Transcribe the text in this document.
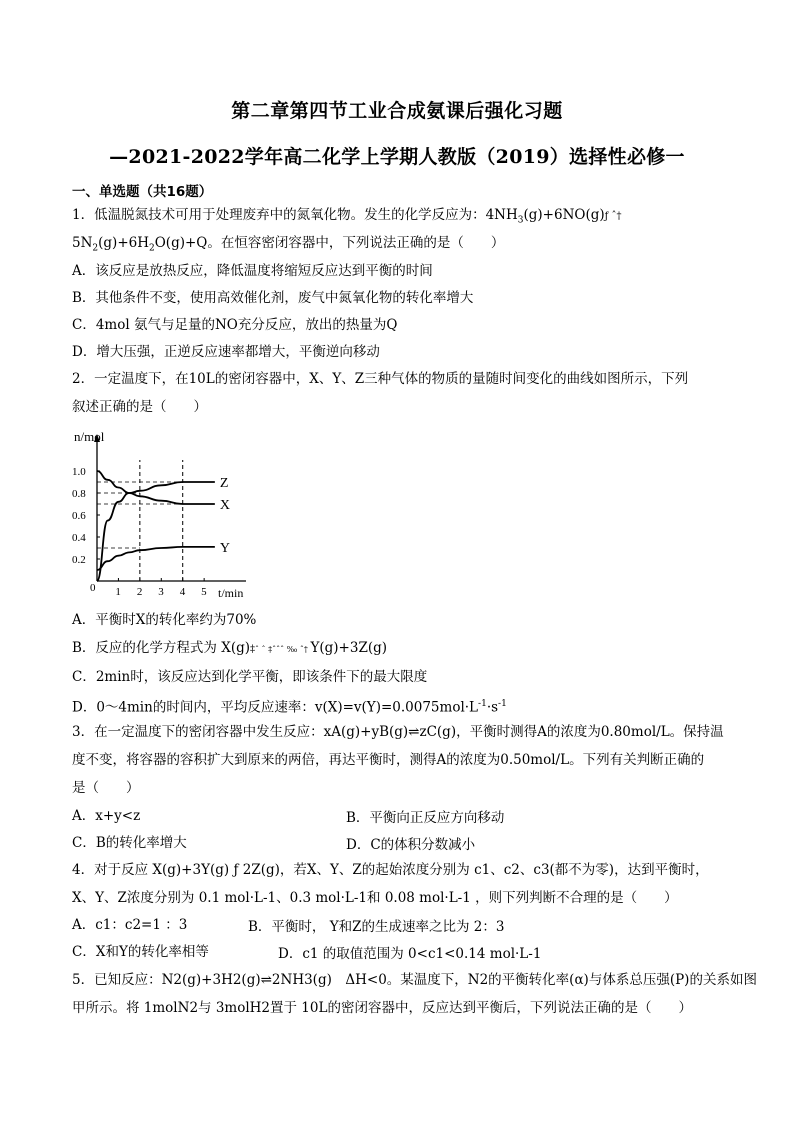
第二章第四节工业合成氨课后强化习题
—2021-2022学年高二化学上学期人教版（2019）选择性必修一
一、单选题（共16题）
1．低温脱氮技术可用于处理废弃中的氮氧化物。发生的化学反应为：$4NH_3(g)+6NO(g)ƒ$ ˆ†
$5N_2(g)+6H_2O(g)+Q$。在恒容密闭容器中，下列说法正确的是（　　）
A．该反应是放热反应，降低温度将缩短反应达到平衡的时间
B．其他条件不变，使用高效催化剂，废气中氮氧化物的转化率增大
C．4mol 氨气与足量的NO充分反应，放出的热量为Q
D．增大压强，正逆反应速率都增大，平衡逆向移动
2．一定温度下，在10L的密闭容器中，X、Y、Z三种气体的物质的量随时间变化的曲线如图所示，下列
叙述正确的是（　　）
n/mol
t/min
0
1.0
0.8
0.6
0.4
0.2
1 2 3 4 5
Z
X
Y
A．平衡时X的转化率约为70%
B．反应的化学方程式为 X(g)‡ˆ ˆ ‡ˆˆˆ ‰ ˆ† Y(g)+3Z(g)
C．2min时，该反应达到化学平衡，即该条件下的最大限度
D．0～4min的时间内，平均反应速率：$v(X)=v(Y)=0.0075mol\cdot L^{-1}\cdot s^{-1}$
3．在一定温度下的密闭容器中发生反应：xA(g)+yB(g)⇌zC(g)，平衡时测得A的浓度为0.80mol/L。保持温
度不变，将容器的容积扩大到原来的两倍，再达平衡时，测得A的浓度为0.50mol/L。下列有关判断正确的
是（　　）
A．x+y<z	B．平衡向正反应方向移动
C．B的转化率增大	D．C的体积分数减小
4．对于反应 X(g)+3Y(g) ƒ 2Z(g)，若X、Y、Z的起始浓度分别为 c1、c2、c3(都不为零)，达到平衡时，
X、Y、Z浓度分别为 0.1 mol·L-1、0.3 mol·L-1和 0.08 mol·L-1 ，则下列判断不合理的是（　　）
A．c1：c2=1 ：3	B．平衡时， Y和Z的生成速率之比为 2：3
C．X和Y的转化率相等	D．c1 的取值范围为 0<c1<0.14 mol·L-1
5．已知反应：N2(g)+3H2(g)⇌2NH3(g)　ΔH<0。某温度下，N2的平衡转化率(α)与体系总压强(P)的关系如图
甲所示。将 1molN2与 3molH2置于 10L的密闭容器中，反应达到平衡后，下列说法正确的是（　　）
